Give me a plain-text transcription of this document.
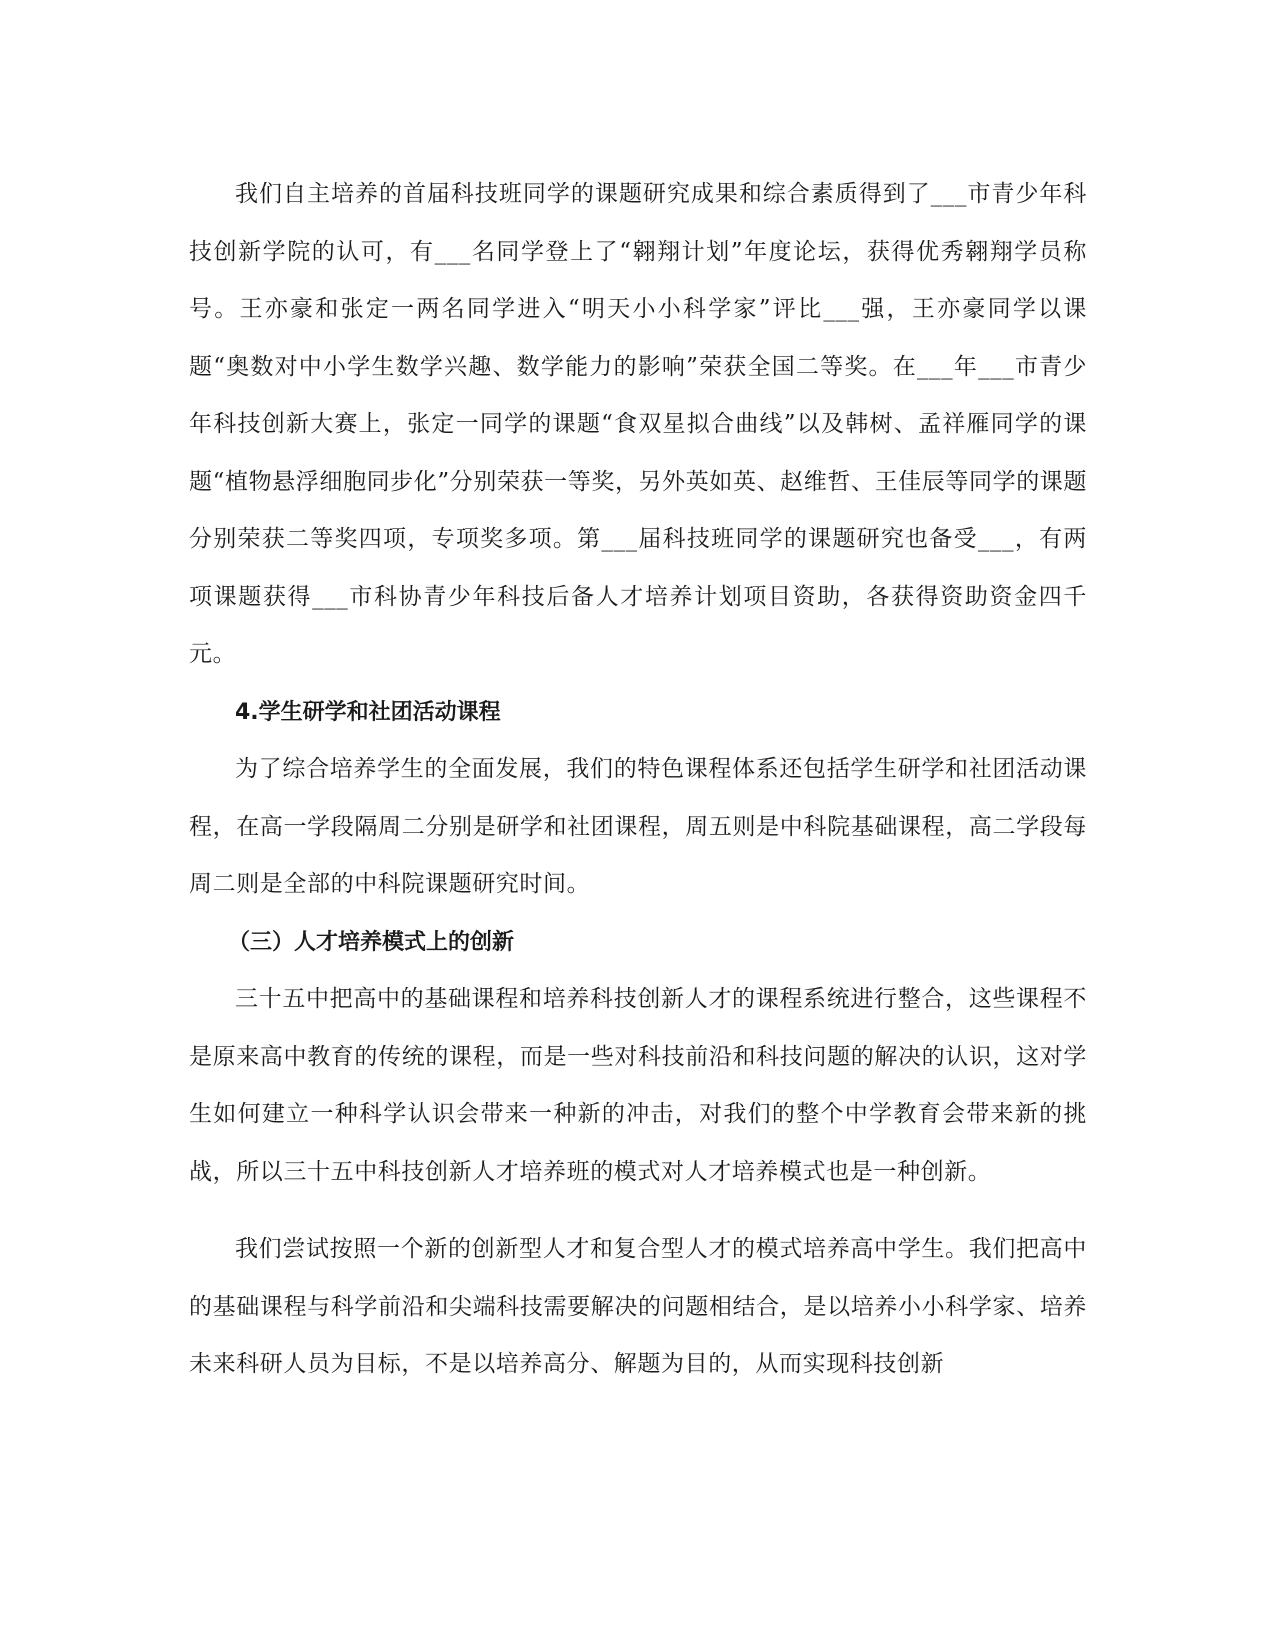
我们自主培养的首届科技班同学的课题研究成果和综合素质得到了___市青少年科技创新学院的认可，有___名同学登上了“翱翔计划”年度论坛，获得优秀翱翔学员称号。王亦豪和张定一两名同学进入“明天小小科学家”评比___强，王亦豪同学以课题“奥数对中小学生数学兴趣、数学能力的影响”荣获全国二等奖。在___年___市青少年科技创新大赛上，张定一同学的课题“食双星拟合曲线”以及韩树、孟祥雁同学的课题“植物悬浮细胞同步化”分别荣获一等奖，另外英如英、赵维哲、王佳辰等同学的课题分别荣获二等奖四项，专项奖多项。第___届科技班同学的课题研究也备受___，有两项课题获得___市科协青少年科技后备人才培养计划项目资助，各获得资助资金四千元。

4.学生研学和社团活动课程

为了综合培养学生的全面发展，我们的特色课程体系还包括学生研学和社团活动课程，在高一学段隔周二分别是研学和社团课程，周五则是中科院基础课程，高二学段每周二则是全部的中科院课题研究时间。

（三）人才培养模式上的创新

三十五中把高中的基础课程和培养科技创新人才的课程系统进行整合，这些课程不是原来高中教育的传统的课程，而是一些对科技前沿和科技问题的解决的认识，这对学生如何建立一种科学认识会带来一种新的冲击，对我们的整个中学教育会带来新的挑战，所以三十五中科技创新人才培养班的模式对人才培养模式也是一种创新。

我们尝试按照一个新的创新型人才和复合型人才的模式培养高中学生。我们把高中的基础课程与科学前沿和尖端科技需要解决的问题相结合，是以培养小小科学家、培养未来科研人员为目标，不是以培养高分、解题为目的，从而实现科技创新
